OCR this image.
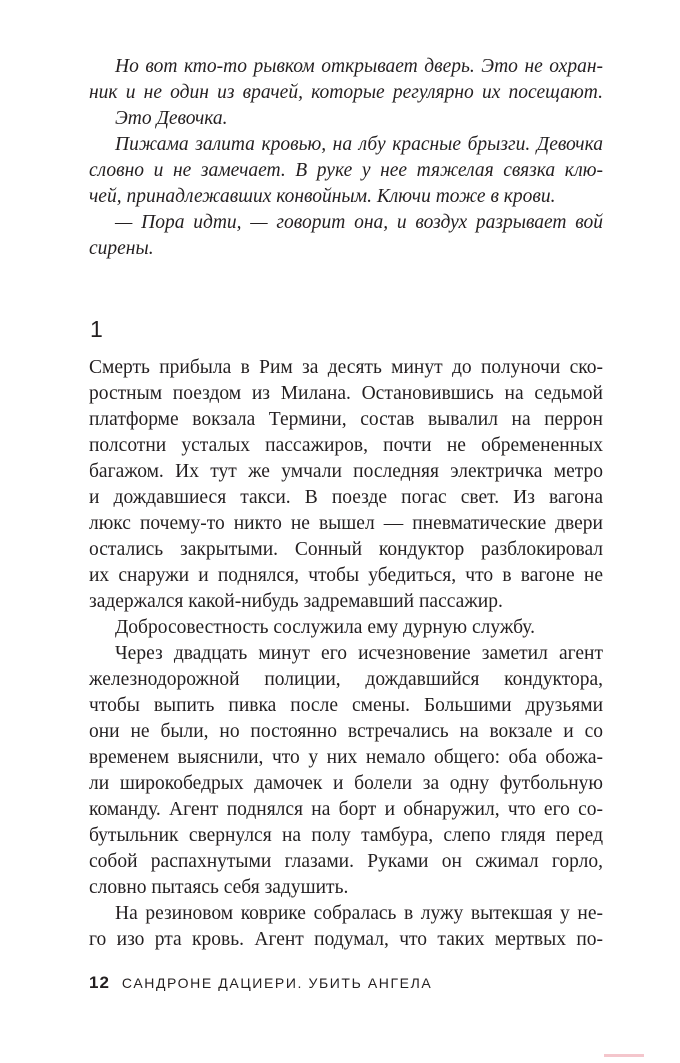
Но вот кто-то рывком открывает дверь. Это не охран-

ник и не один из врачей, которые регулярно их посещают.

Это Девочка.

Пижама залита кровью, на лбу красные брызги. Девочка

словно и не замечает. В руке у нее тяжелая связка клю-

чей, принадлежавших конвойным. Ключи тоже в крови.

— Пора идти, — говорит она, и воздух разрывает вой

сирены.

1

Смерть прибыла в Рим за десять минут до полуночи ско-

ростным поездом из Милана. Остановившись на седьмой

платформе вокзала Термини, состав вывалил на перрон

полсотни усталых пассажиров, почти не обремененных

багажом. Их тут же умчали последняя электричка метро

и дождавшиеся такси. В поезде погас свет. Из вагона

люкс почему-то никто не вышел — пневматические двери

остались закрытыми. Сонный кондуктор разблокировал

их снаружи и поднялся, чтобы убедиться, что в вагоне не

задержался какой-нибудь задремавший пассажир.

Добросовестность сослужила ему дурную службу.

Через двадцать минут его исчезновение заметил агент

железнодорожной полиции, дождавшийся кондуктора,

чтобы выпить пивка после смены. Большими друзьями

они не были, но постоянно встречались на вокзале и со

временем выяснили, что у них немало общего: оба обожа-

ли широкобедрых дамочек и болели за одну футбольную

команду. Агент поднялся на борт и обнаружил, что его со-

бутыльник свернулся на полу тамбура, слепо глядя перед

собой распахнутыми глазами. Руками он сжимал горло,

словно пытаясь себя задушить.

На резиновом коврике собралась в лужу вытекшая у не-

го изо рта кровь. Агент подумал, что таких мертвых по-

12 САНДРОНЕ ДАЦИЕРИ. УБИТЬ АНГЕЛА
